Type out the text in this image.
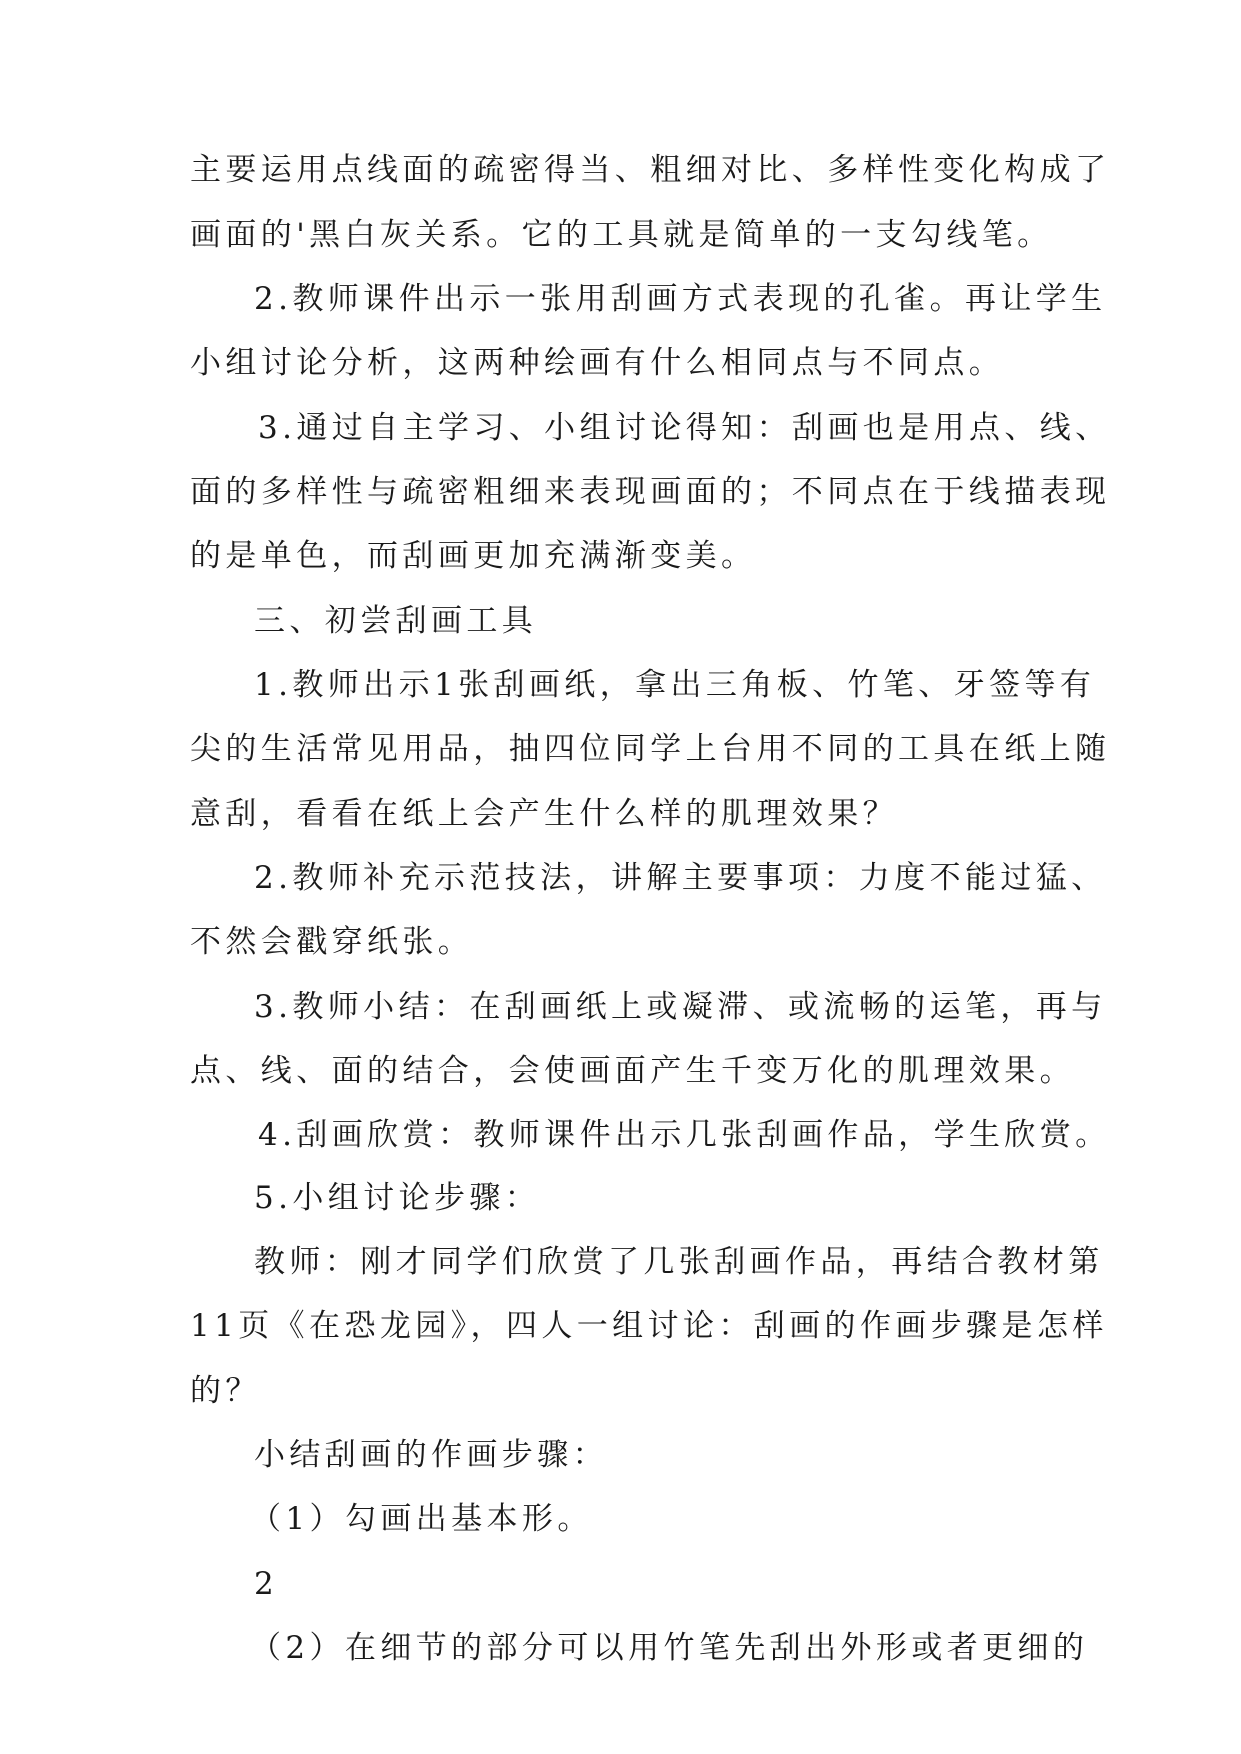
主要运用点线面的疏密得当、粗细对比、多样性变化构成了
画面的'黑白灰关系。它的工具就是简单的一支勾线笔。
2.教师课件出示一张用刮画方式表现的孔雀。再让学生
小组讨论分析，这两种绘画有什么相同点与不同点。
3.通过自主学习、小组讨论得知：刮画也是用点、线、
面的多样性与疏密粗细来表现画面的；不同点在于线描表现
的是单色，而刮画更加充满渐变美。
三、初尝刮画工具
1.教师出示1张刮画纸，拿出三角板、竹笔、牙签等有
尖的生活常见用品，抽四位同学上台用不同的工具在纸上随
意刮，看看在纸上会产生什么样的肌理效果？
2.教师补充示范技法，讲解主要事项：力度不能过猛、
不然会戳穿纸张。
3.教师小结：在刮画纸上或凝滞、或流畅的运笔，再与
点、线、面的结合，会使画面产生千变万化的肌理效果。
4.刮画欣赏：教师课件出示几张刮画作品，学生欣赏。
5.小组讨论步骤：
教师：刚才同学们欣赏了几张刮画作品，再结合教材第
11页《在恐龙园》，四人一组讨论：刮画的作画步骤是怎样
的？
小结刮画的作画步骤：
（1）勾画出基本形。
2
（2）在细节的部分可以用竹笔先刮出外形或者更细的
